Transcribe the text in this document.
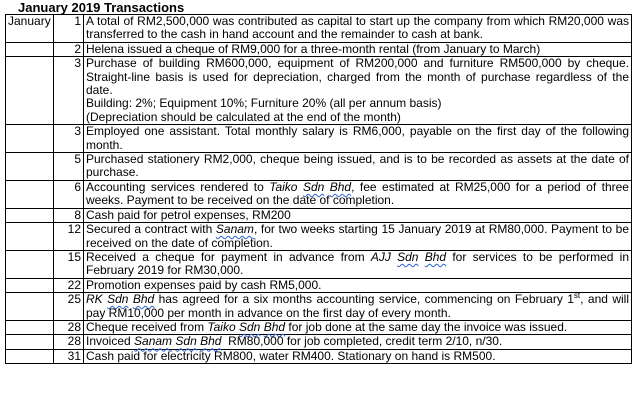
January 2019 Transactions
January	1	A total of RM2,500,000 was contributed as capital to start up the company from which RM20,000 was transferred to the cash in hand account and the remainder to cash at bank.
	2	Helena issued a cheque of RM9,000 for a three-month rental (from January to March)
	3	Purchase of building RM600,000, equipment of RM200,000 and furniture RM500,000 by cheque. Straight-line basis is used for depreciation, charged from the month of purchase regardless of the date.
Building: 2%; Equipment 10%; Furniture 20% (all per annum basis)
(Depreciation should be calculated at the end of the month)

	3	Employed one assistant. Total monthly salary is RM6,000, payable on the first day of the following month.
	5	Purchased stationery RM2,000, cheque being issued, and is to be recorded as assets at the date of purchase.
	6	Accounting services rendered to Taiko Sdn Bhd, fee estimated at RM25,000 for a period of three weeks. Payment to be received on the date of completion.
	8	Cash paid for petrol expenses, RM200
	12	Secured a contract with Sanam, for two weeks starting 15 January 2019 at RM80,000. Payment to be received on the date of completion.
	15	Received a cheque for payment in advance from AJJ Sdn Bhd for services to be performed in February 2019 for RM30,000.
	22	Promotion expenses paid by cash RM5,000.
	25	RK Sdn Bhd has agreed for a six months accounting service, commencing on February 1st, and will pay RM10,000 per month in advance on the first day of every month.
	28	Cheque received from Taiko Sdn Bhd for job done at the same day the invoice was issued.
	28	Invoiced Sanam Sdn Bhd  RM80,000 for job completed, credit term 2/10, n/30.
	31	Cash paid for electricity RM800, water RM400. Stationary on hand is RM500.
